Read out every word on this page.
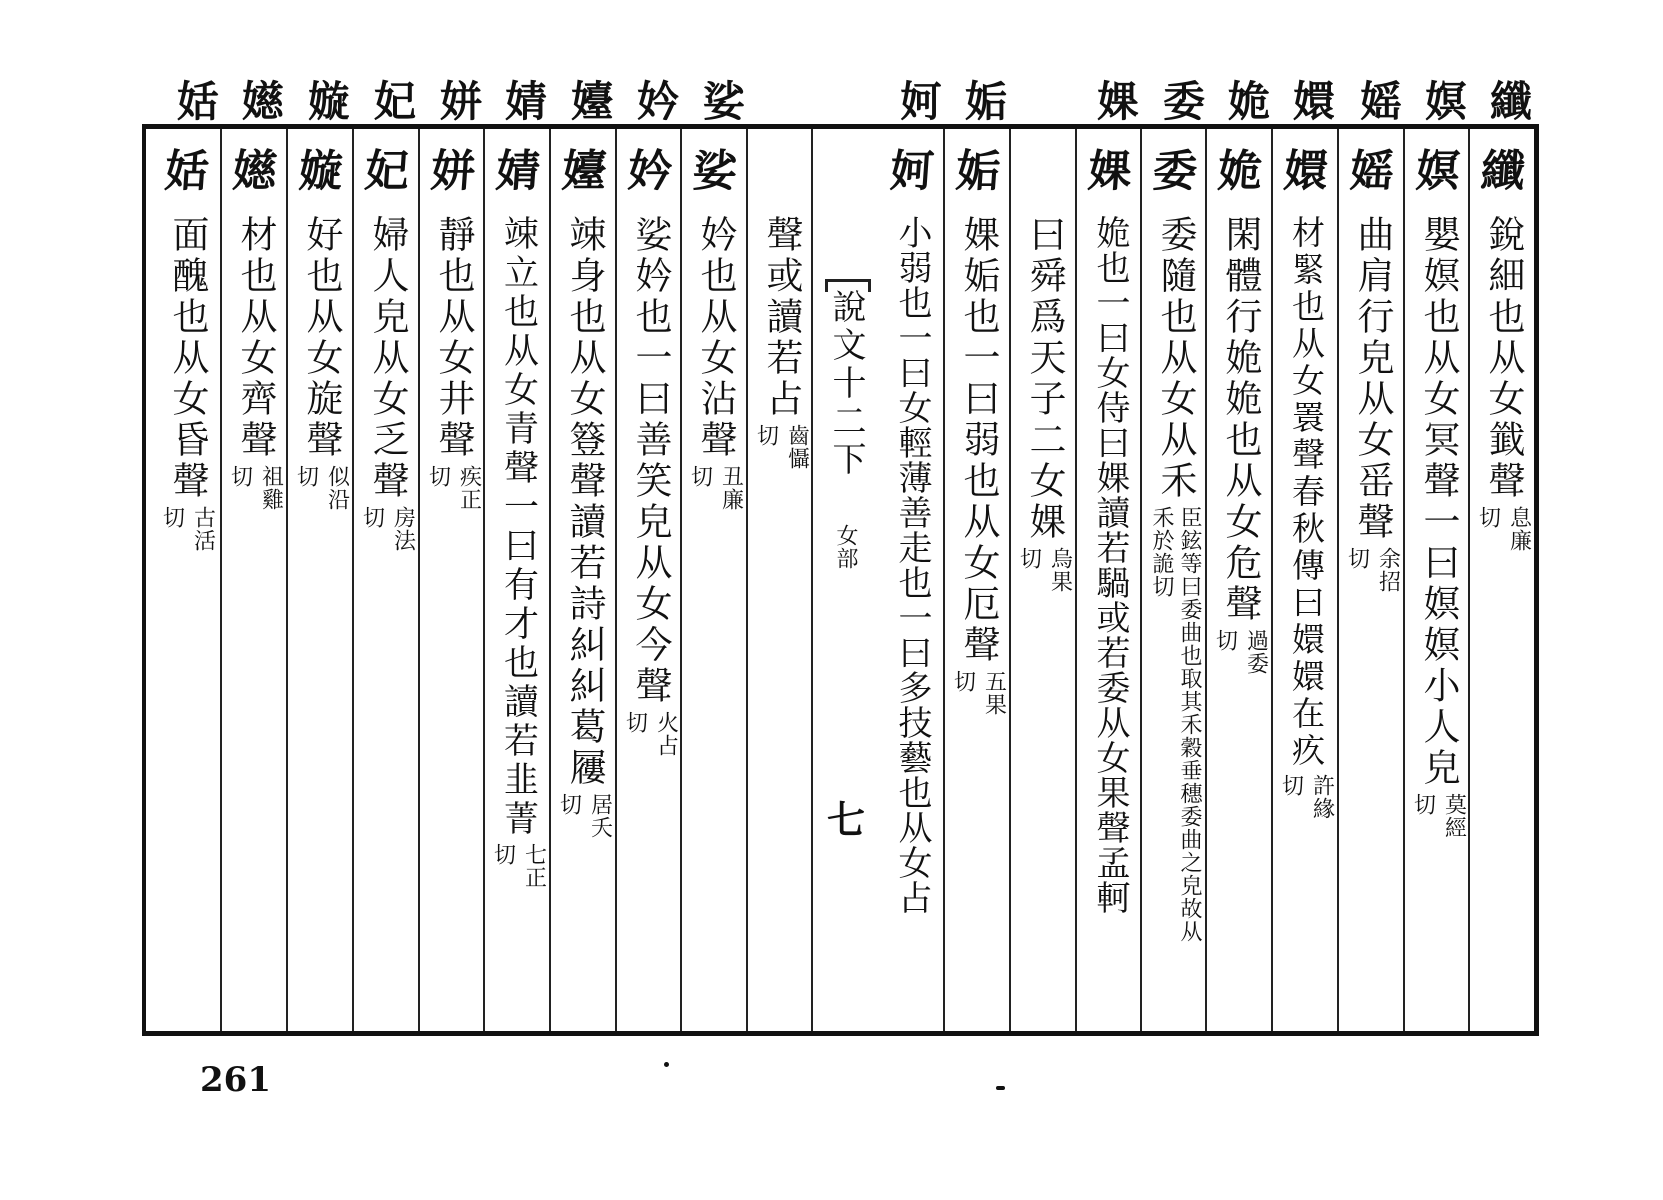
纖
嫇
媱
嬛
姽
委
婐
姤
妸
娑
妗
嬯
婧
姘
妃
嫙
嬨
姡
纖
銳細也从女韱聲
息廉
切
嫇
嬰嫇也从女冥聲一曰嫇嫇小人皃
莫經
切
媱
曲肩行皃从女䍃聲
余招
切
嬛
材緊也从女瞏聲春秋傳曰嬛嬛在疚
許緣
切
姽
閑體行姽姽也从女危聲
過委
切
委
委隨也从女从禾
臣鉉等曰委曲也取其禾穀垂穗委曲之皃故从禾於詭切
婐
姽也一曰女侍曰婐讀若騧或若委从女果聲孟軻
曰舜爲天子二女婐
烏果
切
姤
婐姤也一曰弱也从女厄聲
五果
切
妸
小弱也一曰女輕薄善走也一曰多技藝也从女占
說文十二下
女部
七
聲或讀若占
齒懾
切
娑
妗也从女沾聲
丑廉
切
妗
娑妗也一曰善笑皃从女今聲
火占
切
嬯
竦身也从女簦聲讀若詩糾糾葛屨
居夭
切
婧
竦立也从女青聲一曰有才也讀若韭菁
七正
切
姘
靜也从女井聲
疾正
切
妃
婦人皃从女乏聲
房法
切
嫙
好也从女旋聲
似沿
切
嬨
材也从女齊聲
祖雞
切
姡
面醜也从女昏聲
古活
切
261
